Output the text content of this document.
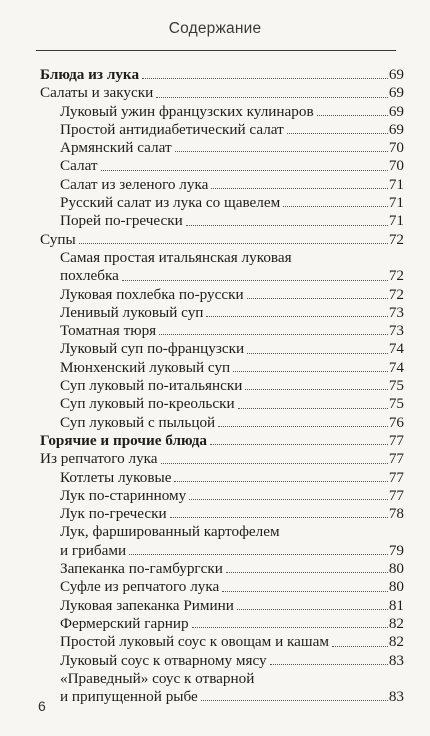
Содержание
Блюда из лука	69
Салаты и закуски	69
Луковый ужин французских кулинаров	69
Простой антидиабетический салат	69
Армянский салат	70
Салат	70
Салат из зеленого лука	71
Русский салат из лука со щавелем	71
Порей по-гречески	71
Супы	72
Самая простая итальянская луковая
похлебка	72
Луковая похлебка по-русски	72
Ленивый луковый суп	73
Томатная тюря	73
Луковый суп по-французски	74
Мюнхенский луковый суп	74
Суп луковый по-итальянски	75
Суп луковый по-креольски	75
Суп луковый с пыльцой	76
Горячие и прочие блюда	77
Из репчатого лука	77
Котлеты луковые	77
Лук по-старинному	77
Лук по-гречески	78
Лук, фаршированный картофелем
и грибами	79
Запеканка по-гамбургски	80
Суфле из репчатого лука	80
Луковая запеканка Римини	81
Фермерский гарнир	82
Простой луковый соус к овощам и кашам	82
Луковый соус к отварному мясу	83
«Праведный» соус к отварной
и припущенной рыбе	83
6
